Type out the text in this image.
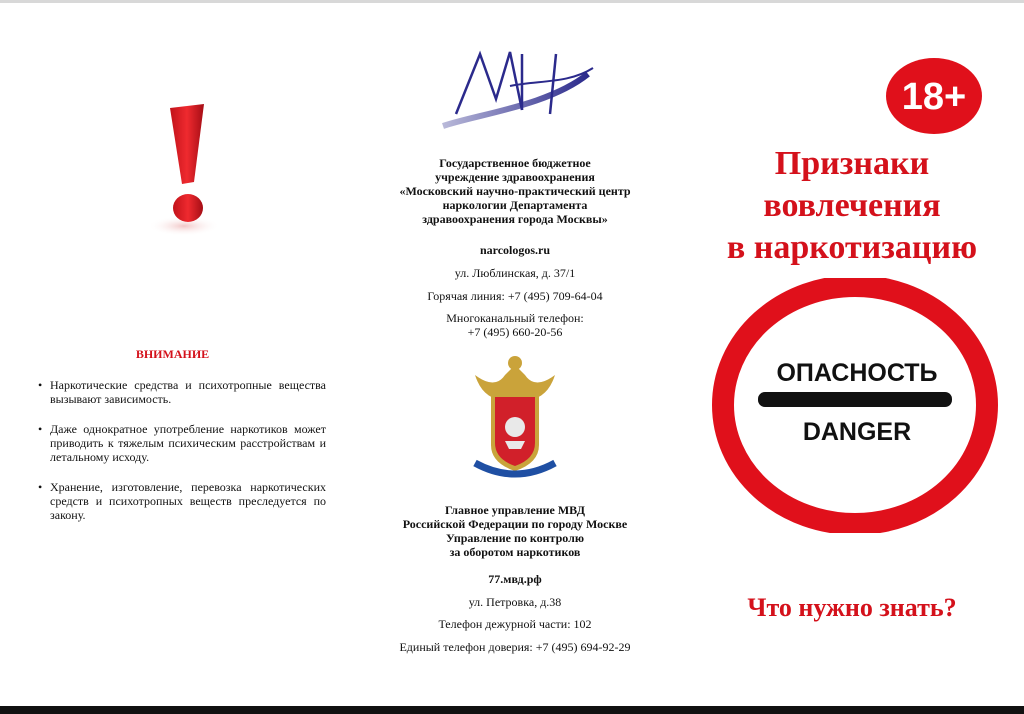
ВНИМАНИЕ
• Наркотические средства и психотропные вещества вызывают зависимость.
• Даже однократное употребление наркотиков может приводить к тяжелым психическим расстройствам и летальному исходу.
• Хранение, изготовление, перевозка наркотических средств и психотропных веществ преследуется по закону.
Государственное бюджетное
учреждение здравоохранения
«Московский научно-практический центр
наркологии Департамента
здравоохранения города Москвы»
narcologos.ru
ул. Люблинская, д. 37/1
Горячая линия: +7 (495) 709-64-04
Многоканальный телефон:
+7 (495) 660-20-56
Главное управление МВД
Российской Федерации по городу Москве
Управление по контролю
за оборотом наркотиков
77.мвд.рф
ул. Петровка, д.38
Телефон дежурной части: 102
Единый телефон доверия: +7 (495) 694-92-29
18+
Признаки
вовлечения
в наркотизацию
ОПАСНОСТЬ
DANGER
Что нужно знать?
